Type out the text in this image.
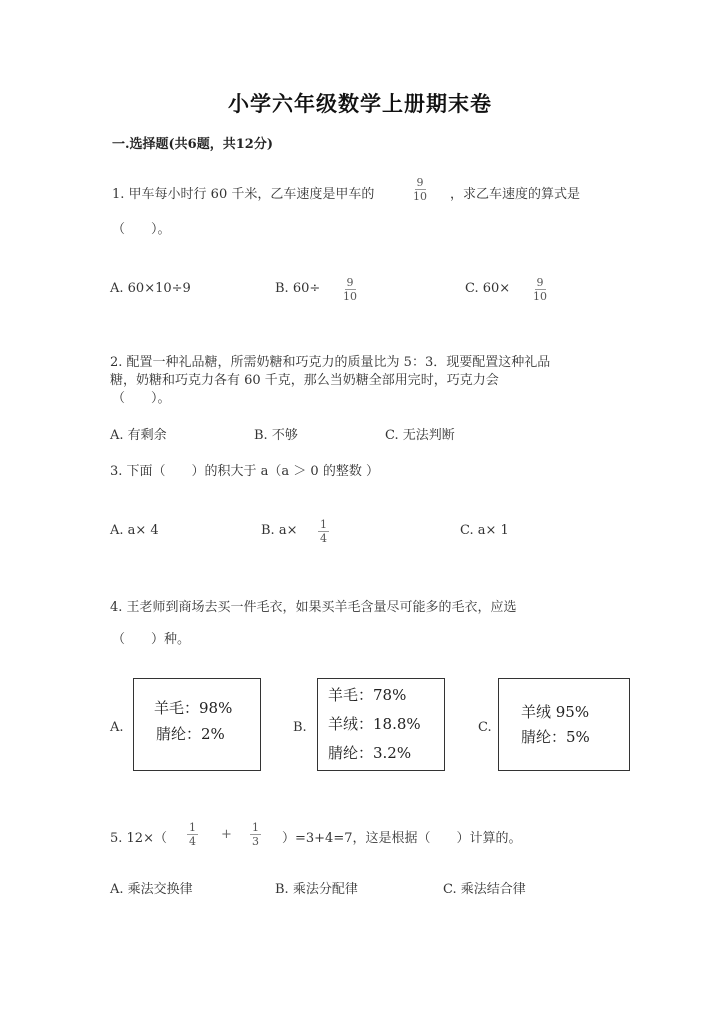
小学六年级数学上册期末卷
一.选择题(共6题，共12分)
1. 甲车每小时行 60 千米，乙车速度是甲车的	$\frac{9}{10}$ ，求乙车速度的算式是
（　　）。
A. 60×10÷9	B. $60\div \frac{9}{10}$	C. $60\times \frac{9}{10}$
2. 配置一种礼品糖，所需奶糖和巧克力的质量比为 5：3．现要配置这种礼品
糖，奶糖和巧克力各有 60 千克，那么当奶糖全部用完时，巧克力会
（　　）。
A. 有剩余	B. 不够	C. 无法判断
3. 下面（　　）的积大于 a（a ＞ 0 的整数 ）
A. a× 4	B. $a\times \frac{1}{4}$	C. a× 1
4. 王老师到商场去买一件毛衣，如果买羊毛含量尽可能多的毛衣，应选
（　　）种。
A.
羊毛：98%
腈纶：2%	B.
羊毛：78%
羊绒：18.8%
腈纶：3.2%
C.
羊绒 95%
腈纶：5%
5. $12\times( \frac{1}{4} + \frac{1}{3} )=3+4=7$，这是根据（　　）计算的。
A. 乘法交换律	B. 乘法分配律	C. 乘法结合律
